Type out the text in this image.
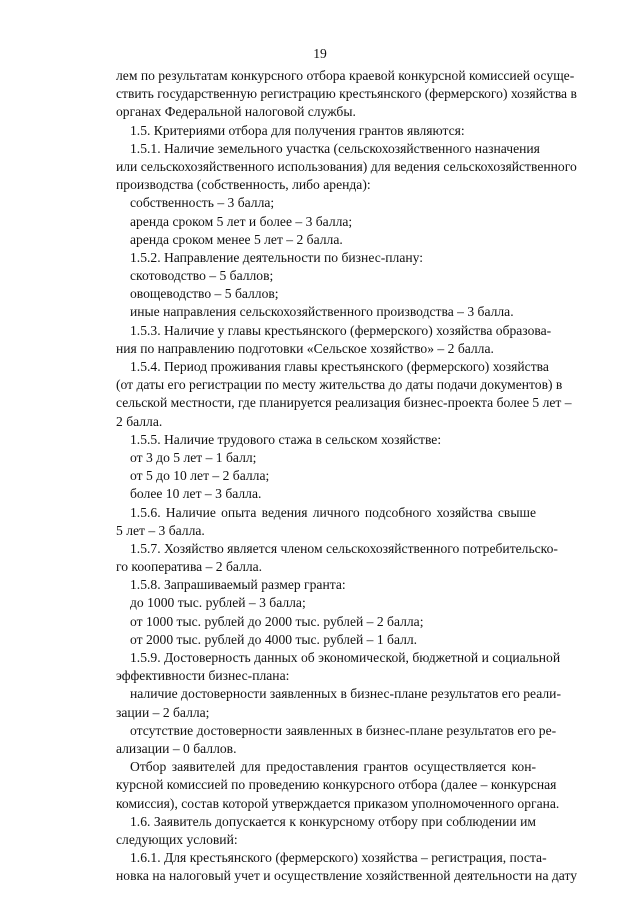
19
лем по результатам конкурсного отбора краевой конкурсной комиссией осуще-
ствить государственную регистрацию крестьянского (фермерского) хозяйства в
органах Федеральной налоговой службы.
1.5. Критериями отбора для получения грантов являются:
1.5.1. Наличие земельного участка (сельскохозяйственного назначения
или сельскохозяйственного использования) для ведения сельскохозяйственного
производства (собственность, либо аренда):
собственность – 3 балла;
аренда сроком 5 лет и более – 3 балла;
аренда сроком менее 5 лет – 2 балла.
1.5.2. Направление деятельности по бизнес-плану:
скотоводство – 5 баллов;
овощеводство – 5 баллов;
иные направления сельскохозяйственного производства – 3 балла.
1.5.3. Наличие у главы крестьянского (фермерского) хозяйства образова-
ния по направлению подготовки «Сельское хозяйство» – 2 балла.
1.5.4. Период проживания главы крестьянского (фермерского) хозяйства
(от даты его регистрации по месту жительства до даты подачи документов) в
сельской местности, где планируется реализация бизнес-проекта более 5 лет –
2 балла.
1.5.5. Наличие трудового стажа в сельском хозяйстве:
от 3 до 5 лет – 1 балл;
от 5 до 10 лет – 2 балла;
более 10 лет – 3 балла.
1.5.6. Наличие опыта ведения личного подсобного хозяйства свыше
5 лет – 3 балла.
1.5.7. Хозяйство является членом сельскохозяйственного потребительско-
го кооператива – 2 балла.
1.5.8. Запрашиваемый размер гранта:
до 1000 тыс. рублей – 3 балла;
от 1000 тыс. рублей до 2000 тыс. рублей – 2 балла;
от 2000 тыс. рублей до 4000 тыс. рублей – 1 балл.
1.5.9. Достоверность данных об экономической, бюджетной и социальной
эффективности бизнес-плана:
наличие достоверности заявленных в бизнес-плане результатов его реали-
зации – 2 балла;
отсутствие достоверности заявленных в бизнес-плане результатов его ре-
ализации – 0 баллов.
Отбор заявителей для предоставления грантов осуществляется кон-
курсной комиссией по проведению конкурсного отбора (далее – конкурсная
комиссия), состав которой утверждается приказом уполномоченного органа.
1.6. Заявитель допускается к конкурсному отбору при соблюдении им
следующих условий:
1.6.1. Для крестьянского (фермерского) хозяйства – регистрация, поста-
новка на налоговый учет и осуществление хозяйственной деятельности на дату
